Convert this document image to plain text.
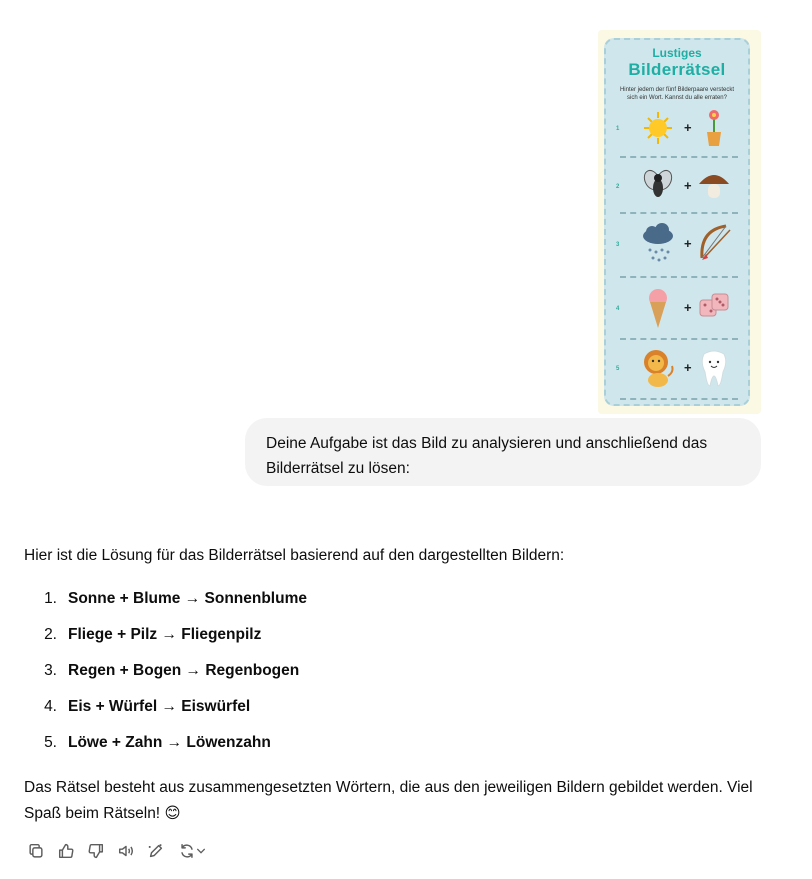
Lustiges
Bilderrätsel
Hinter jedem der fünf Bilderpaare versteckt sich ein Wort. Kannst du alle erraten?
1	+
2	+
3	+
4	+
5	+
Deine Aufgabe ist das Bild zu analysieren und anschließend das Bilderrätsel zu lösen:

Hier ist die Lösung für das Bilderrätsel basierend auf den dargestellten Bildern:

1. Sonne + Blume → Sonnenblume
2. Fliege + Pilz → Fliegenpilz
3. Regen + Bogen → Regenbogen
4. Eis + Würfel → Eiswürfel
5. Löwe + Zahn → Löwenzahn

Das Rätsel besteht aus zusammengesetzten Wörtern, die aus den jeweiligen Bildern gebildet werden. Viel Spaß beim Rätseln! 😊
